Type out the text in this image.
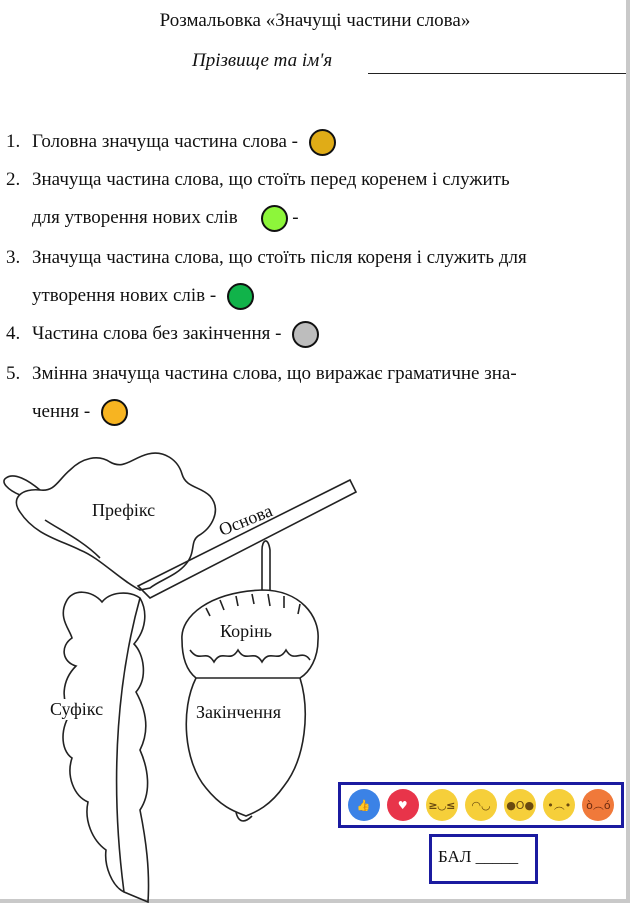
Розмальовка «Значущі частини слова»
Прізвище та ім'я
1. Головна значуща частина слова -
2. Значуща частина слова, що стоїть перед коренем і служить
для утворення нових слів	-
3. Значуща частина слова, що стоїть після кореня і служить для
утворення нових слів -
4. Частина слова без закінчення -
5. Змінна значуща частина слова, що виражає граматичне зна-
чення -
Префікс	Основа
Корінь
Суфікс	Закінчення
👍 ♥ ≥◡≤ ◠◡ ●O● •︵• ò︵ó
БАЛ _____
